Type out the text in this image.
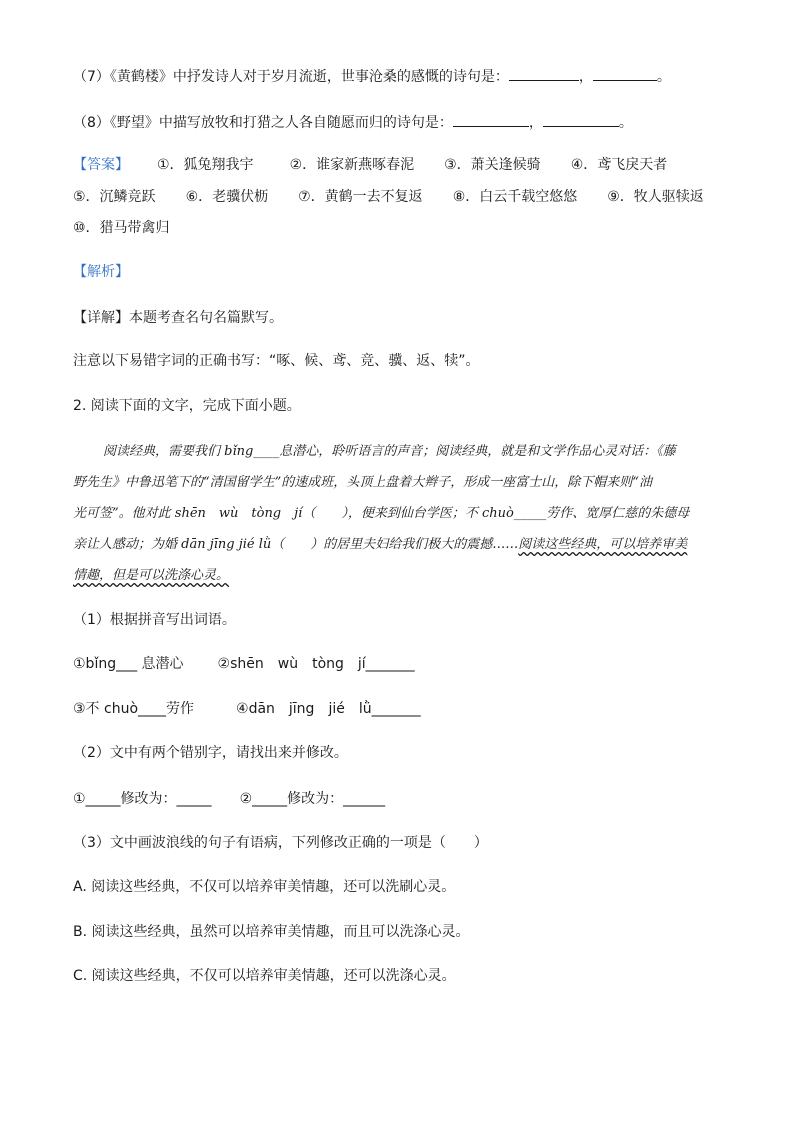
（7）《黄鹤楼》中抒发诗人对于岁月流逝，世事沧桑的感慨的诗句是：	，	。
（8）《野望》中描写放牧和打猎之人各自随愿而归的诗句是：	，	。
【答案】 ①．狐兔翔我宇	②．谁家新燕啄春泥 ③．萧关逢候骑 ④．鸢飞戾天者
⑤．沉鳞竞跃 ⑥．老骥伏枥 ⑦．黄鹤一去不复返 ⑧．白云千载空悠悠 ⑨．牧人驱犊返
⑩．猎马带禽归
【解析】
【详解】本题考查名句名篇默写。
注意以下易错字词的正确书写：“啄、候、鸢、竞、骥、返、犊”。
2. 阅读下面的文字，完成下面小题。
阅读经典，需要我们 bǐng____息潜心，聆听语言的声音；阅读经典，就是和文学作品心灵对话：《藤
野先生》中鲁迅笔下的“清国留学生”的速成班，头顶上盘着大辫子，形成一座富士山，除下帽来则“油
光可签”。他对此 shēn　wù　tòng　jí（　　），便来到仙台学医；不 chuò_____劳作、宽厚仁慈的朱德母
亲让人感动；为婚 dān jīng jié lǜ（　　）的居里夫妇给我们极大的震撼……阅读这些经典，可以培养审美
情趣，但是可以洗涤心灵。
（1）根据拼音写出词语。
①bǐng___ 息潜心 ②shēn　wù　tòng　jí_______
③不 chuò____劳作	④dān　jīng　jié　lǜ_______
（2）文中有两个错别字，请找出来并修改。
①_____修改为：_____ ②_____修改为：______
（3）文中画波浪线的句子有语病，下列修改正确的一项是（　　）
A. 阅读这些经典，不仅可以培养审美情趣，还可以洗刷心灵。
B. 阅读这些经典，虽然可以培养审美情趣，而且可以洗涤心灵。
C. 阅读这些经典，不仅可以培养审美情趣，还可以洗涤心灵。
